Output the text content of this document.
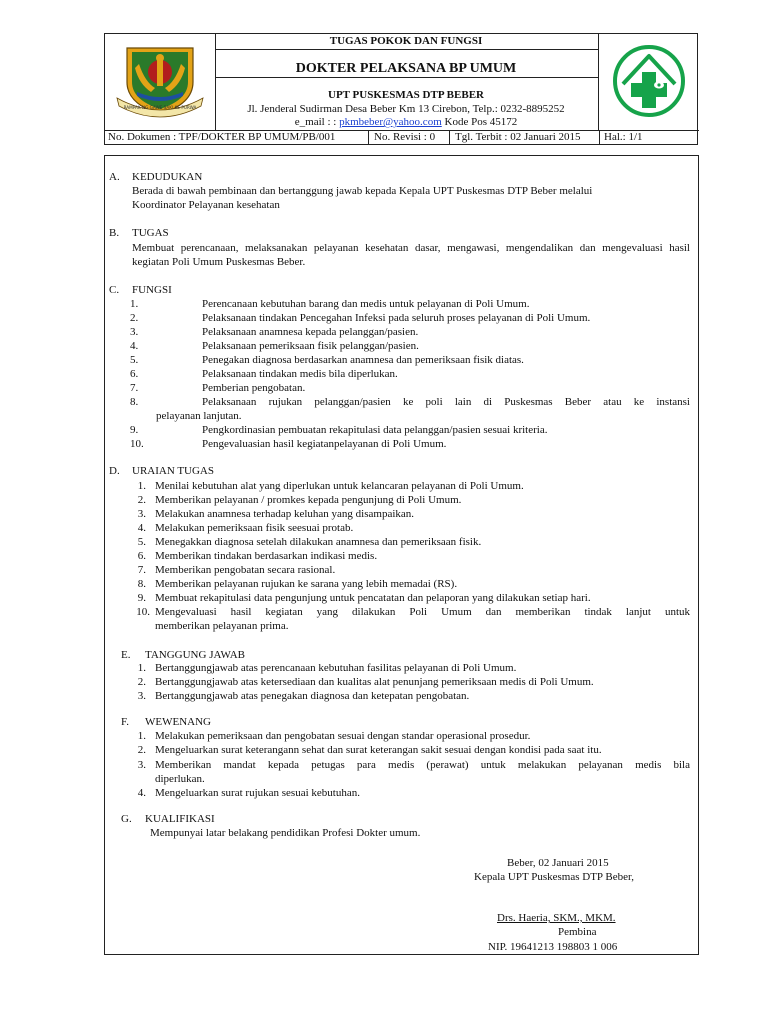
RAMPAK NG GAWE SAKI KE PURWA
TUGAS POKOK DAN FUNGSI
DOKTER PELAKSANA BP UMUM
UPT PUSKESMAS DTP BEBER
Jl. Jenderal Sudirman Desa Beber Km 13 Cirebon, Telp.: 0232-8895252
e_mail : : pkmbeber@yahoo.com Kode Pos 45172
No. Dokumen : TPF/DOKTER BP UMUM/PB/001	No. Revisi : 0 Tgl. Terbit : 02 Januari 2015 Hal.: 1/1
A. KEDUDUKAN
Berada di bawah pembinaan dan bertanggung jawab kepada Kepala UPT Puskesmas DTP Beber melalui
Koordinator Pelayanan kesehatan
B. TUGAS
Membuat perencanaan, melaksanakan pelayanan kesehatan dasar, mengawasi, mengendalikan dan mengevaluasi hasil kegiatan Poli Umum Puskesmas Beber.
C. FUNGSI
1.	Perencanaan kebutuhan barang dan medis untuk pelayanan di Poli Umum.
2.	Pelaksanaan tindakan Pencegahan Infeksi pada seluruh proses pelayanan di Poli Umum.
3.	Pelaksanaan anamnesa kepada pelanggan/pasien.
4.	Pelaksanaan pemeriksaan fisik pelanggan/pasien.
5.	Penegakan diagnosa berdasarkan anamnesa dan pemeriksaan fisik diatas.
6.	Pelaksanaan tindakan medis bila diperlukan.
7.	Pemberian pengobatan.
8.	Pelaksanaan rujukan pelanggan/pasien ke poli lain di Puskesmas Beber atau ke instansi
9.	Pengkordinasian pembuatan rekapitulasi data pelanggan/pasien sesuai kriteria.
10.	Pengevaluasian hasil kegiatanpelayanan di Poli Umum.
pelayanan lanjutan.
D. URAIAN TUGAS
1. Menilai kebutuhan alat yang diperlukan untuk kelancaran pelayanan di Poli Umum.
2. Memberikan pelayanan / promkes kepada pengunjung di Poli Umum.
3. Melakukan anamnesa terhadap keluhan yang disampaikan.
4. Melakukan pemeriksaan fisik seesuai protab.
5. Menegakkan diagnosa setelah dilakukan anamnesa dan pemeriksaan fisik.
6. Memberikan tindakan berdasarkan indikasi medis.
7. Memberikan pengobatan secara rasional.
8. Memberikan pelayanan rujukan ke sarana yang lebih memadai (RS).
9. Membuat rekapitulasi data pengunjung untuk pencatatan dan pelaporan yang dilakukan setiap hari.
10. Mengevaluasi hasil kegiatan yang dilakukan Poli Umum dan memberikan tindak lanjut untuk
memberikan pelayanan prima.
E. TANGGUNG JAWAB
1. Bertanggungjawab atas perencanaan kebutuhan fasilitas pelayanan di Poli Umum.
2. Bertanggungjawab atas ketersediaan dan kualitas alat penunjang pemeriksaan medis di Poli Umum.
3. Bertanggungjawab atas penegakan diagnosa dan ketepatan pengobatan.
F. WEWENANG
1. Melakukan pemeriksaan dan pengobatan sesuai dengan standar operasional prosedur.
2. Mengeluarkan surat keterangann sehat dan surat keterangan sakit sesuai dengan kondisi pada saat itu.
3. Memberikan mandat kepada petugas para medis (perawat) untuk melakukan pelayanan medis bila
4. Mengeluarkan surat rujukan sesuai kebutuhan.
diperlukan.
G. KUALIFIKASI
Mempunyai latar belakang pendidikan Profesi Dokter umum.
Beber, 02 Januari 2015
Kepala UPT Puskesmas DTP Beber,
Drs. Haeria, SKM., MKM.
Pembina
NIP. 19641213 198803 1 006
